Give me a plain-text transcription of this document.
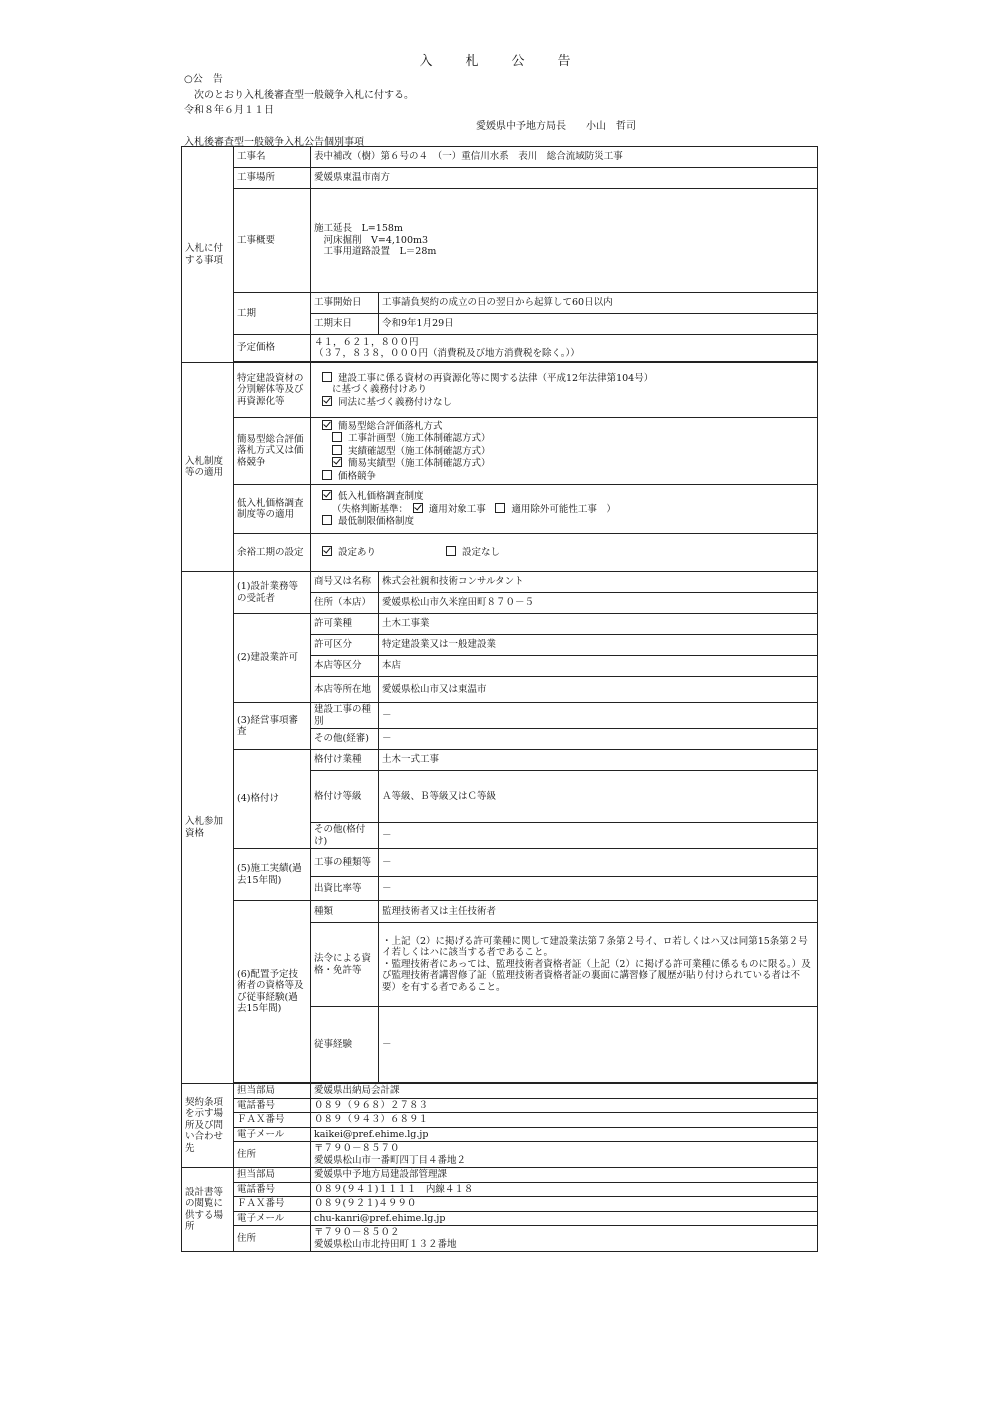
入　札　公　告
○公　告
　次のとおり入札後審査型一般競争入札に付する。
令和８年６月１１日
愛媛県中予地方局長　　小山　哲司
入札後審査型一般競争入札公告個別事項
入札に付する事項	工事名	表中補改（樹）第６号の４　（一）重信川水系　表川　総合流域防災工事	
	工事場所	愛媛県東温市南方	
	工事概要	施工延長　L=158m
　河床掘削　V=4,100m3
　工事用道路設置　L＝28m	

	工期	工事開始日	工事請負契約の成立の日の翌日から起算して60日以内
		工期末日	令和9年1月29日
	予定価格	４１，６２１，８００円
（３７，８３８，０００円（消費税及び地方消費税を除く。））	

入札制度等の適用	特定建設資材の分別解体等及び再資源化等	建設工事に係る資材の再資源化等に関する法律（平成12年法律第104号）
に基づく義務付けあり
同法に基づく義務付けなし	

	簡易型総合評価落札方式又は価格競争	簡易型総合評価落札方式
工事計画型（施工体制確認方式）
実績確認型（施工体制確認方式）
簡易実績型（施工体制確認方式）
価格競争	

	低入札価格調査制度等の適用	低入札価格調査制度
（失格判断基準：　 適用対象工事　 適用除外可能性工事　）
最低制限価格制度	

	余裕工期の設定	設定あり 設定なし	
入札参加資格	(1)設計業務等の受託者	商号又は名称	株式会社親和技術コンサルタント
		住所（本店）	愛媛県松山市久米窪田町８７０－５
	(2)建設業許可	許可業種	土木工事業
		許可区分	特定建設業又は一般建設業
		本店等区分	本店
		本店等所在地	愛媛県松山市又は東温市
	(3)経営事項審査	建設工事の種別	－
		その他(経審)	－
	(4)格付け	格付け業種	土木一式工事
		格付け等級	Ａ等級、Ｂ等級又はＣ等級
		その他(格付け)	－
	(5)施工実績(過去15年間)	工事の種類等	－
		出資比率等	－
	(6)配置予定技術者の資格等及び従事経験(過去15年間)	種類	監理技術者又は主任技術者
		法令による資格・免許等	・上記（2）に掲げる許可業種に関して建設業法第７条第２号イ、ロ若しくはハ又は同第15条第２号イ若しくはハに該当する者であること。
・監理技術者にあっては、監理技術者資格者証（上記（2）に掲げる許可業種に係るものに限る。）及び監理技術者講習修了証（監理技術者資格者証の裏面に講習修了履歴が貼り付けられている者は不要）を有する者であること。
		従事経験	－

契約条項を示す場所及び問い合わせ先	担当部局	愛媛県出納局会計課	
	電話番号	０８９（９６８）２７８３	
	ＦＡＸ番号	０８９（９４３）６８９１	
	電子メール	kaikei@pref.ehime.lg.jp	
	住所	〒７９０－８５７０
愛媛県松山市一番町四丁目４番地２	

設計書等の閲覧に供する場所	担当部局	愛媛県中予地方局建設部管理課	
	電話番号	０８９(９４１)１１１１　内線４１８	
	ＦＡＸ番号	０８９(９２１)４９９０	
	電子メール	chu-kanri@pref.ehime.lg.jp	
	住所	〒７９０－８５０２
愛媛県松山市北持田町１３２番地	
